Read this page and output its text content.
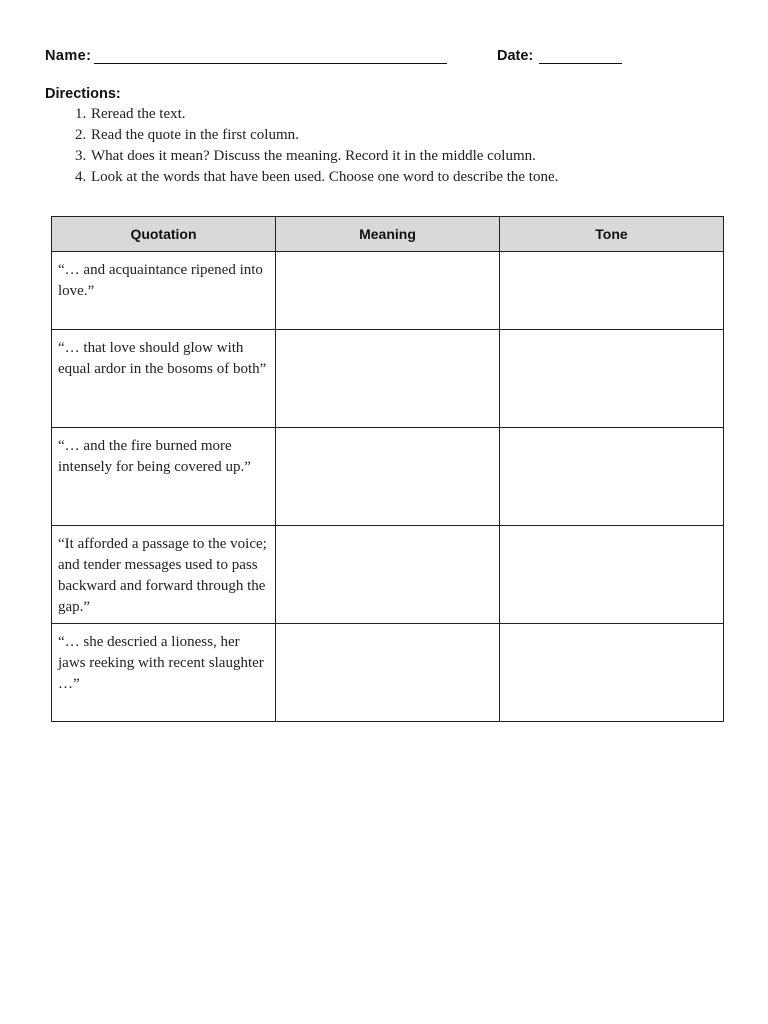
Name:	Date:
Directions:
1. Reread the text.
2. Read the quote in the first column.
3. What does it mean? Discuss the meaning. Record it in the middle column.
4. Look at the words that have been used. Choose one word to describe the tone.
Quotation	Meaning	Tone
“… and acquaintance ripened into love.”		
“… that love should glow with equal ardor in the bosoms of both”		
“… and the fire burned more intensely for being covered up.”		
“It afforded a passage to the voice; and tender messages used to pass backward and forward through the gap.”		
“… she descried a lioness, her jaws reeking with recent slaughter …”		
